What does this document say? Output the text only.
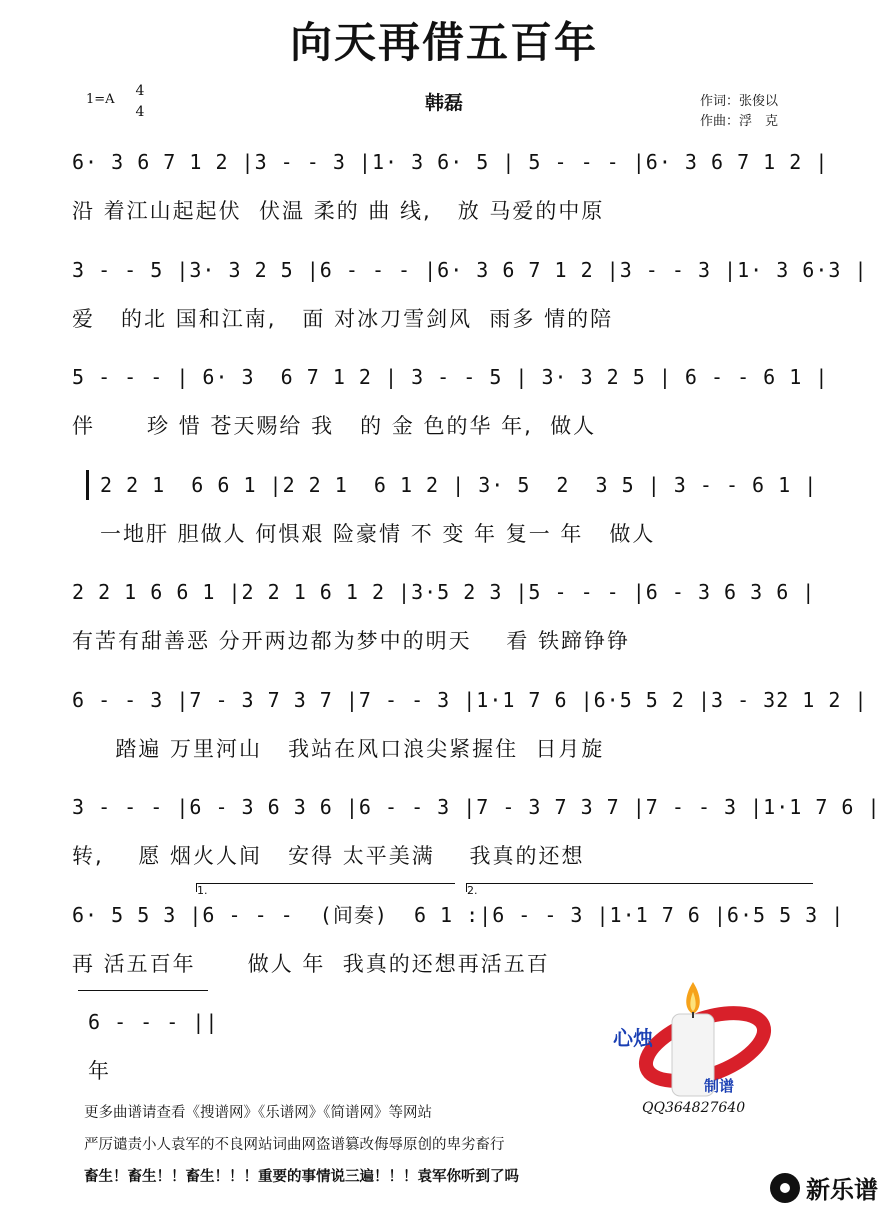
向天再借五百年
1=A
4
4	韩磊	作词：张俊以
作曲：浮　克
6· 3 6 7 1 2 |3 - - 3 |1· 3 6· 5 | 5 - - - |6· 3 6 7 1 2 |
沿 着江山起起伏  伏温 柔的 曲 线,   放 马爱的中原
3 - - 5 |3· 3 2 5 |6 - - - |6· 3 6 7 1 2 |3 - - 3 |1· 3 6·3 |
爱   的北 国和江南,   面 对冰刀雪剑风  雨多 情的陪
5 - - - | 6· 3  6 7 1 2 | 3 - - 5 | 3· 3 2 5 | 6 - - 6 1 |
伴      珍 惜 苍天赐给 我   的 金 色的华 年,  做人
2 2 1  6 6 1 |2 2 1  6 1 2 | 3· 5  2  3 5 | 3 - - 6 1 |
一地肝 胆做人 何惧艰 险豪情 不 变 年 复一 年   做人
2 2 1 6 6 1 |2 2 1 6 1 2 |3·5 2 3 |5 - - - |6 - 3 6 3 6 |
有苦有甜善恶 分开两边都为梦中的明天    看 铁蹄铮铮
6 - - 3 |7 - 3 7 3 7 |7 - - 3 |1·1 7 6 |6·5 5 2 |3 - 32 1 2 |
踏遍 万里河山   我站在风口浪尖紧握住  日月旋
3 - - - |6 - 3 6 3 6 |6 - - 3 |7 - 3 7 3 7 |7 - - 3 |1·1 7 6 |
转,    愿 烟火人间   安得 太平美满    我真的还想
1.	2.
6· 5 5 3 |6 - - -  (间奏)  6 1 :|6 - - 3 |1·1 7 6 |6·5 5 3 |
再 活五百年      做人 年  我真的还想再活五百
6 - - - ||
年
心烛
制谱
QQ364827640
更多曲谱请查看《搜谱网》《乐谱网》《简谱网》等网站
严厉谴责小人袁军的不良网站词曲网盗谱篡改侮辱原创的卑劣畜行
畜生！畜生！！畜生！！！重要的事情说三遍！！！袁军你听到了吗	新乐谱
